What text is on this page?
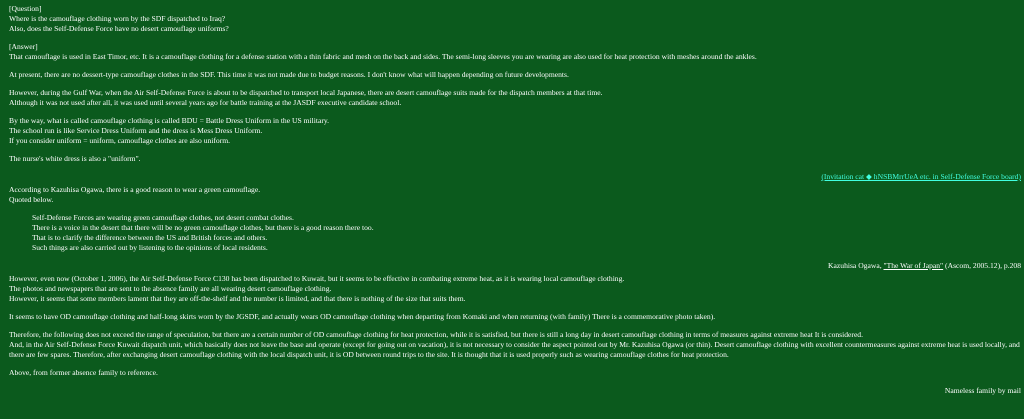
[Question]
Where is the camouflage clothing worn by the SDF dispatched to Iraq?
Also, does the Self-Defense Force have no desert camouflage uniforms?
[Answer]
That camouflage is used in East Timor, etc. It is a camouflage clothing for a defense station with a thin fabric and mesh on the back and sides. The semi-long sleeves you are wearing are also used for heat protection with meshes around the ankles.
At present, there are no dessert-type camouflage clothes in the SDF. This time it was not made due to budget reasons. I don't know what will happen depending on future developments.
However, during the Gulf War, when the Air Self-Defense Force is about to be dispatched to transport local Japanese, there are desert camouflage suits made for the dispatch members at that time.
Although it was not used after all, it was used until several years ago for battle training at the JASDF executive candidate school.
By the way, what is called camouflage clothing is called BDU = Battle Dress Uniform in the US military.
The school run is like Service Dress Uniform and the dress is Mess Dress Uniform.
If you consider uniform = uniform, camouflage clothes are also uniform.
The nurse's white dress is also a "uniform".
(Invitation cat ◆ hNSBMrrUeA etc. in Self-Defense Force board)
According to Kazuhisa Ogawa, there is a good reason to wear a green camouflage.
Quoted below.
Self-Defense Forces are wearing green camouflage clothes, not desert combat clothes.
There is a voice in the desert that there will be no green camouflage clothes, but there is a good reason there too.
That is to clarify the difference between the US and British forces and others.
Such things are also carried out by listening to the opinions of local residents.
Kazuhisa Ogawa, "The War of Japan" (Ascom, 2005.12), p.208
However, even now (October 1, 2006), the Air Self-Defense Force C130 has been dispatched to Kuwait, but it seems to be effective in combating extreme heat, as it is wearing local camouflage clothing.
The photos and newspapers that are sent to the absence family are all wearing desert camouflage clothing.
However, it seems that some members lament that they are off-the-shelf and the number is limited, and that there is nothing of the size that suits them.
It seems to have OD camouflage clothing and half-long skirts worn by the JGSDF, and actually wears OD camouflage clothing when departing from Komaki and when returning (with family) There is a commemorative photo taken).
Therefore, the following does not exceed the range of speculation, but there are a certain number of OD camouflage clothing for heat protection, while it is satisfied, but there is still a long day in desert camouflage clothing in terms of measures against extreme heat It is considered.
And, in the Air Self-Defense Force Kuwait dispatch unit, which basically does not leave the base and operate (except for going out on vacation), it is not necessary to consider the aspect pointed out by Mr. Kazuhisa Ogawa (or thin). Desert camouflage clothing with excellent countermeasures against extreme heat is used locally, and there are few spares. Therefore, after exchanging desert camouflage clothing with the local dispatch unit, it is OD between round trips to the site. It is thought that it is used properly such as wearing camouflage clothes for heat protection.
Above, from former absence family to reference.
Nameless family by mail
